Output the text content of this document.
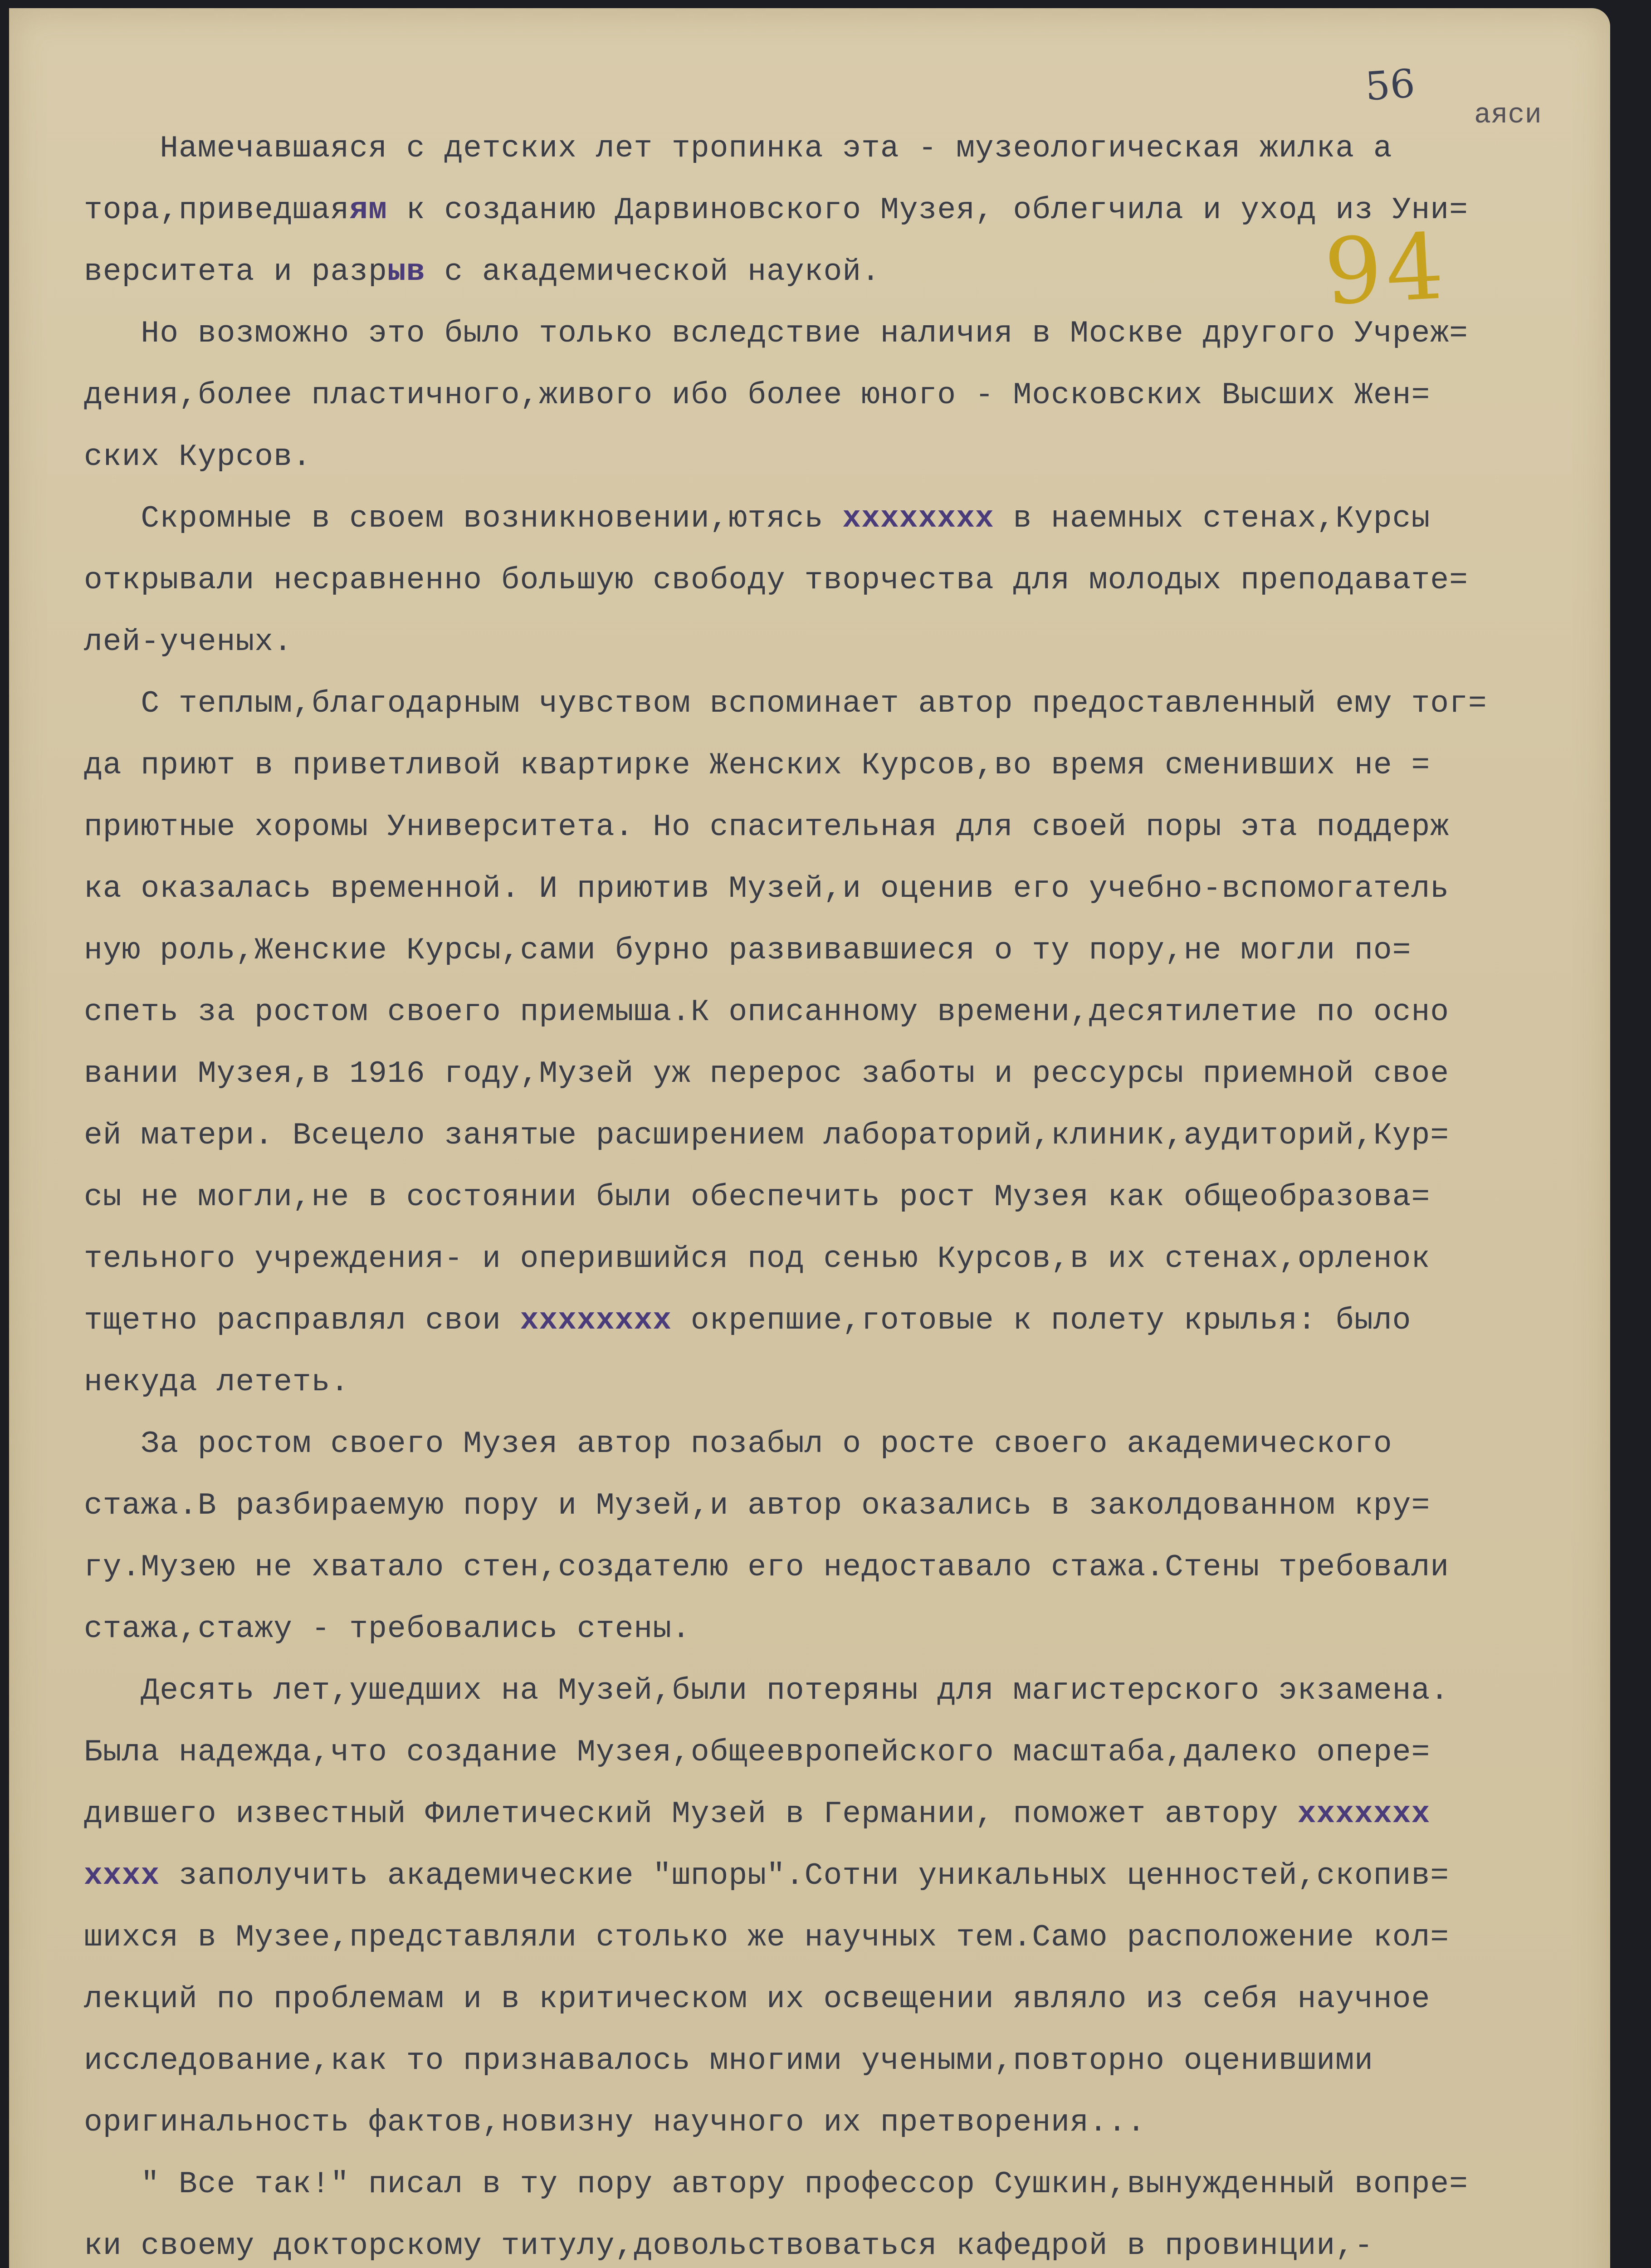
56
аяси
94
Намечавшаяся с детских лет тропинка эта - музеологическая жилка а
тора,приведшаяям к созданию Дарвиновского Музея, облегчила и уход из Уни=
верситета и разрыв с академической наукой.
Но возможно это было только вследствие наличия в Москве другого Учреж=
дения,более пластичного,живого ибо более юного - Московских Высших Жен=
ских Курсов.
Скромные в своем возникновении,ютясь xxxxxxxx в наемных стенах,Курсы
открывали несравненно большую свободу творчества для молодых преподавате=
лей-ученых.
С теплым,благодарным чувством вспоминает автор предоставленный ему тог=
да приют в приветливой квартирке Женских Курсов,во время сменивших не =
приютные хоромы Университета. Но спасительная для своей поры эта поддерж
ка оказалась временной. И приютив Музей,и оценив его учебно-вспомогатель
ную роль,Женские Курсы,сами бурно развивавшиеся о ту пору,не могли по=
спеть за ростом своего приемыша.К описанному времени,десятилетие по осно
вании Музея,в 1916 году,Музей уж перерос заботы и рессурсы приемной свое
ей матери. Всецело занятые расширением лабораторий,клиник,аудиторий,Кур=
сы не могли,не в состоянии были обеспечить рост Музея как общеобразова=
тельного учреждения- и оперившийся под сенью Курсов,в их стенах,орленок
тщетно расправлял свои xxxxxxxx окрепшие,готовые к полету крылья: было
некуда лететь.
За ростом своего Музея автор позабыл о росте своего академического
стажа.В разбираемую пору и Музей,и автор оказались в заколдованном кру=
гу.Музею не хватало стен,создателю его недоставало стажа.Стены требовали
стажа,стажу - требовались стены.
Десять лет,ушедших на Музей,были потеряны для магистерского экзамена.
Была надежда,что создание Музея,общеевропейского масштаба,далеко опере=
дившего известный Филетический Музей в Германии, поможет автору xxxxxxx
xxxx заполучить академические "шпоры".Сотни уникальных ценностей,скопив=
шихся в Музее,представляли столько же научных тем.Само расположение кол=
лекций по проблемам и в критическом их освещении являло из себя научное
исследование,как то признавалось многими учеными,повторно оценившими
оригинальность фактов,новизну научного их претворения...
" Все так!" писал в ту пору автору профессор Сушкин,вынужденный вопре=
ки своему докторскому титулу,довольствоваться кафедрой в провинции,-
